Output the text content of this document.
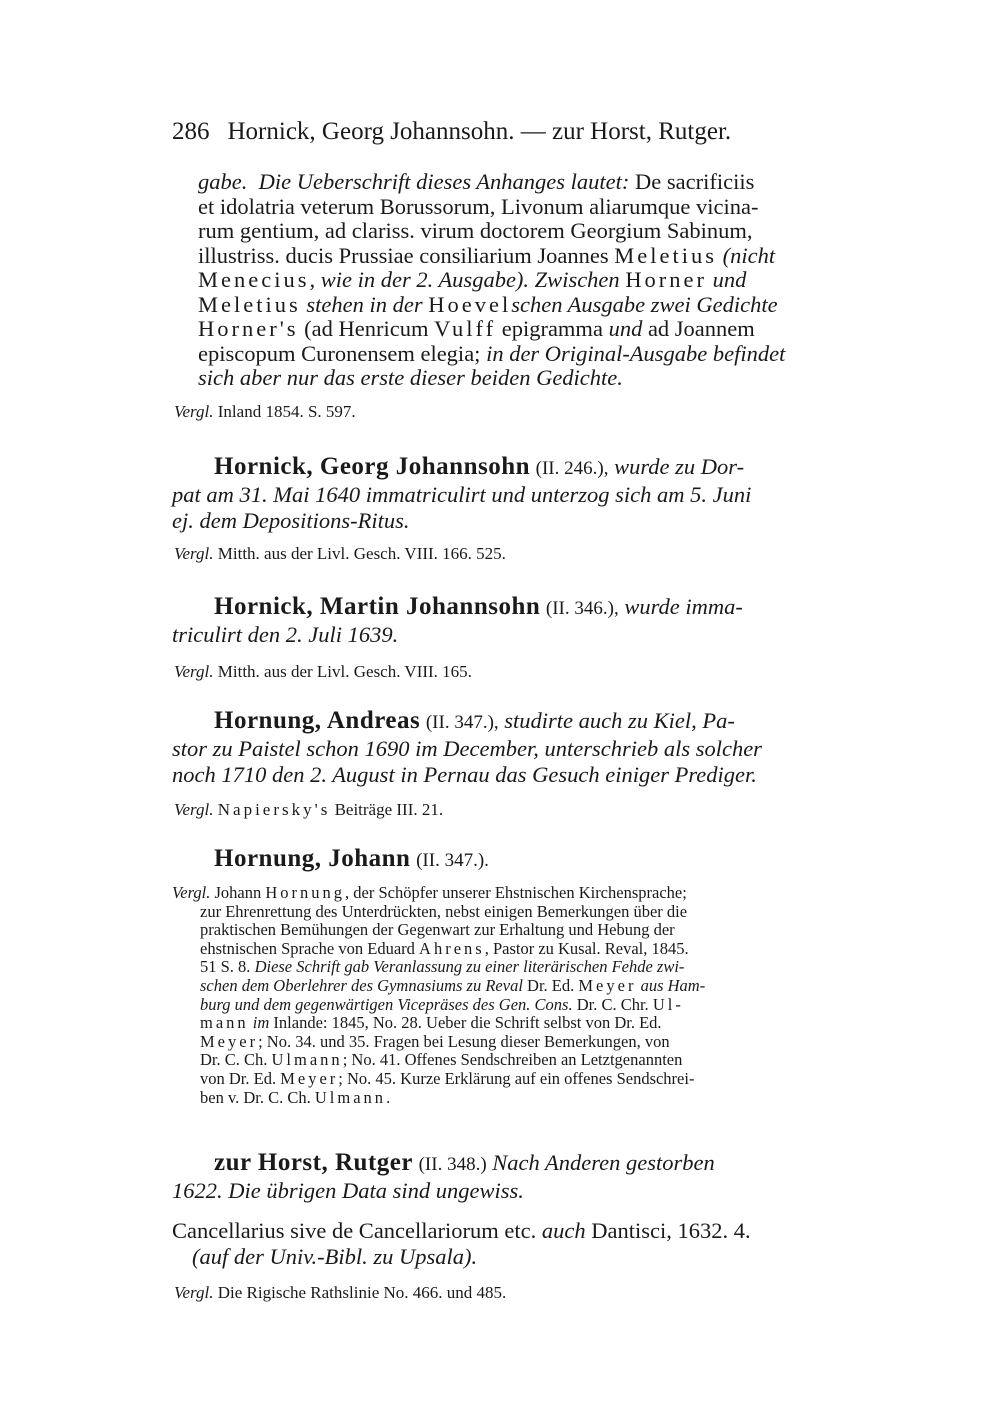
286 Hornick, Georg Johannsohn. — zur Horst, Rutger.
gabe. Die Ueberschrift dieses Anhanges lautet: De sacrificiis
et idolatria veterum Borussorum, Livonum aliarumque vicina-
rum gentium, ad clariss. virum doctorem Georgium Sabinum,
illustriss. ducis Prussiae consiliarium Joannes Meletius (nicht
Menecius, wie in der 2. Ausgabe). Zwischen Horner und
Meletius stehen in der Hoevelschen Ausgabe zwei Gedichte
Horner's (ad Henricum Vulff epigramma und ad Joannem
episcopum Curonensem elegia; in der Original-Ausgabe befindet
sich aber nur das erste dieser beiden Gedichte.
Vergl. Inland 1854. S. 597.
Hornick, Georg Johannsohn (II. 246.), wurde zu Dor-
pat am 31. Mai 1640 immatriculirt und unterzog sich am 5. Juni
ej. dem Depositions-Ritus.
Vergl. Mitth. aus der Livl. Gesch. VIII. 166. 525.
Hornick, Martin Johannsohn (II. 346.), wurde imma-
triculirt den 2. Juli 1639.
Vergl. Mitth. aus der Livl. Gesch. VIII. 165.
Hornung, Andreas (II. 347.), studirte auch zu Kiel, Pa-
stor zu Paistel schon 1690 im December, unterschrieb als solcher
noch 1710 den 2. August in Pernau das Gesuch einiger Prediger.
Vergl. Napiersky's Beiträge III. 21.
Hornung, Johann (II. 347.).
Vergl. Johann Hornung, der Schöpfer unserer Ehstnischen Kirchensprache;
zur Ehrenrettung des Unterdrückten, nebst einigen Bemerkungen über die
praktischen Bemühungen der Gegenwart zur Erhaltung und Hebung der
ehstnischen Sprache von Eduard Ahrens, Pastor zu Kusal. Reval, 1845.
51 S. 8. Diese Schrift gab Veranlassung zu einer literärischen Fehde zwi-
schen dem Oberlehrer des Gymnasiums zu Reval Dr. Ed. Meyer aus Ham-
burg und dem gegenwärtigen Vicepräses des Gen. Cons. Dr. C. Chr. Ul-
mann im Inlande: 1845, No. 28. Ueber die Schrift selbst von Dr. Ed.
Meyer; No. 34. und 35. Fragen bei Lesung dieser Bemerkungen, von
Dr. C. Ch. Ulmann; No. 41. Offenes Sendschreiben an Letztgenannten
von Dr. Ed. Meyer; No. 45. Kurze Erklärung auf ein offenes Sendschrei-
ben v. Dr. C. Ch. Ulmann.
zur Horst, Rutger (II. 348.) Nach Anderen gestorben
1622. Die übrigen Data sind ungewiss.
Cancellarius sive de Cancellariorum etc. auch Dantisci, 1632. 4.
(auf der Univ.-Bibl. zu Upsala).
Vergl. Die Rigische Rathslinie No. 466. und 485.
